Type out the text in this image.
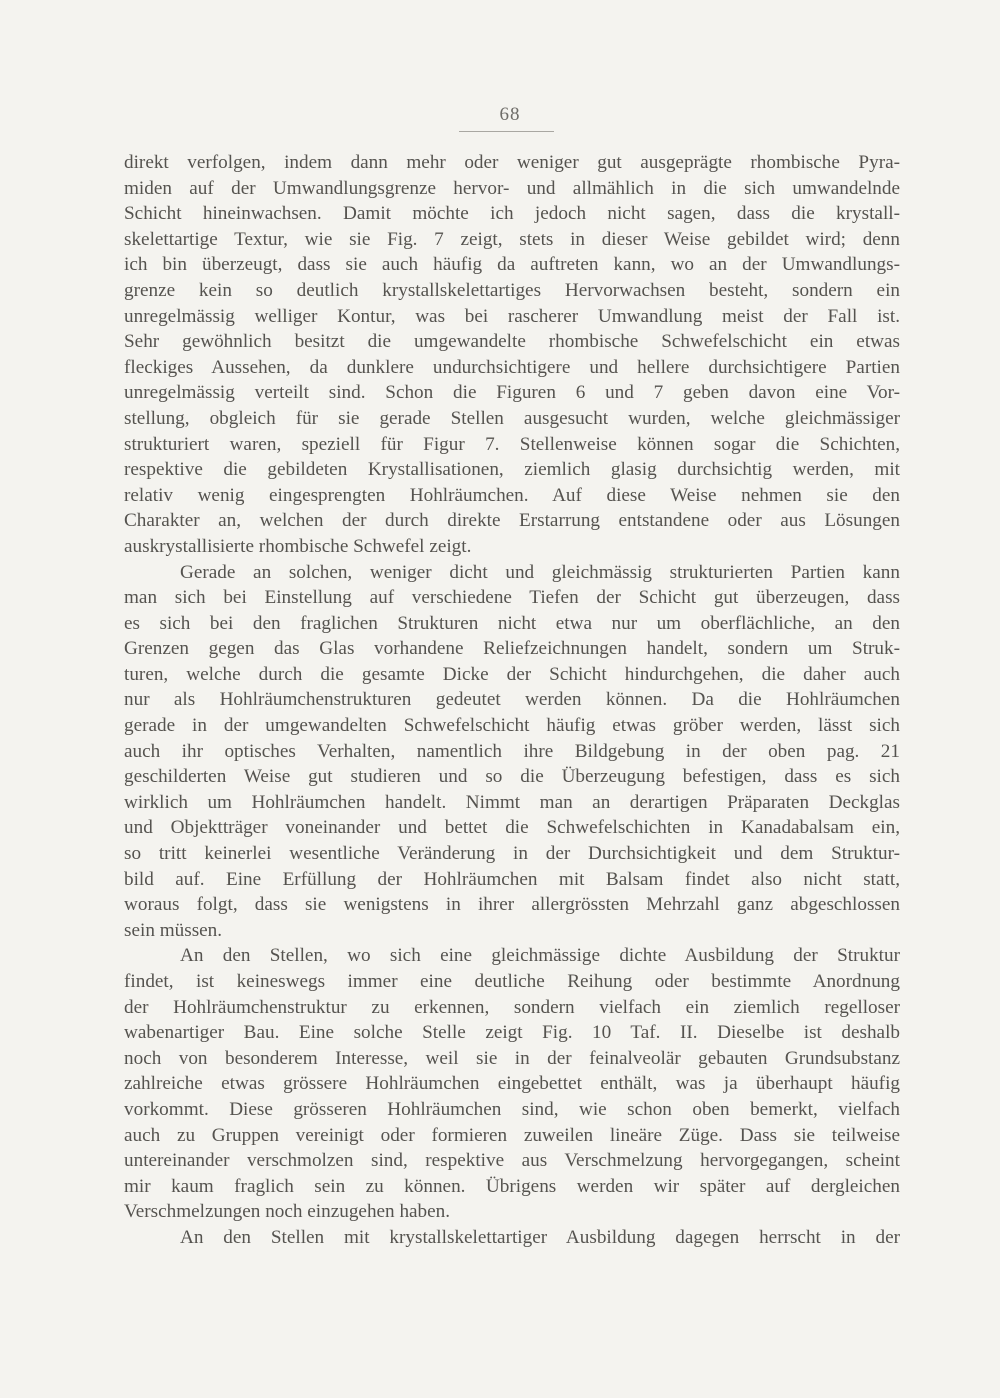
68
direkt verfolgen, indem dann mehr oder weniger gut ausgeprägte rhombische Pyra-
miden auf der Umwandlungsgrenze hervor- und allmählich in die sich umwandelnde
Schicht hineinwachsen. Damit möchte ich jedoch nicht sagen, dass die krystall-
skelettartige Textur, wie sie Fig. 7 zeigt, stets in dieser Weise gebildet wird; denn
ich bin überzeugt, dass sie auch häufig da auftreten kann, wo an der Umwandlungs-
grenze kein so deutlich krystallskelettartiges Hervorwachsen besteht, sondern ein
unregelmässig welliger Kontur, was bei rascherer Umwandlung meist der Fall ist.
Sehr gewöhnlich besitzt die umgewandelte rhombische Schwefelschicht ein etwas
fleckiges Aussehen, da dunklere undurchsichtigere und hellere durchsichtigere Partien
unregelmässig verteilt sind. Schon die Figuren 6 und 7 geben davon eine Vor-
stellung, obgleich für sie gerade Stellen ausgesucht wurden, welche gleichmässiger
strukturiert waren, speziell für Figur 7. Stellenweise können sogar die Schichten,
respektive die gebildeten Krystallisationen, ziemlich glasig durchsichtig werden, mit
relativ wenig eingesprengten Hohlräumchen. Auf diese Weise nehmen sie den
Charakter an, welchen der durch direkte Erstarrung entstandene oder aus Lösungen
auskrystallisierte rhombische Schwefel zeigt.
Gerade an solchen, weniger dicht und gleichmässig strukturierten Partien kann
man sich bei Einstellung auf verschiedene Tiefen der Schicht gut überzeugen, dass
es sich bei den fraglichen Strukturen nicht etwa nur um oberflächliche, an den
Grenzen gegen das Glas vorhandene Reliefzeichnungen handelt, sondern um Struk-
turen, welche durch die gesamte Dicke der Schicht hindurchgehen, die daher auch
nur als Hohlräumchenstrukturen gedeutet werden können. Da die Hohlräumchen
gerade in der umgewandelten Schwefelschicht häufig etwas gröber werden, lässt sich
auch ihr optisches Verhalten, namentlich ihre Bildgebung in der oben pag. 21
geschilderten Weise gut studieren und so die Überzeugung befestigen, dass es sich
wirklich um Hohlräumchen handelt. Nimmt man an derartigen Präparaten Deckglas
und Objektträger voneinander und bettet die Schwefelschichten in Kanadabalsam ein,
so tritt keinerlei wesentliche Veränderung in der Durchsichtigkeit und dem Struktur-
bild auf. Eine Erfüllung der Hohlräumchen mit Balsam findet also nicht statt,
woraus folgt, dass sie wenigstens in ihrer allergrössten Mehrzahl ganz abgeschlossen
sein müssen.
An den Stellen, wo sich eine gleichmässige dichte Ausbildung der Struktur
findet, ist keineswegs immer eine deutliche Reihung oder bestimmte Anordnung
der Hohlräumchenstruktur zu erkennen, sondern vielfach ein ziemlich regelloser
wabenartiger Bau. Eine solche Stelle zeigt Fig. 10 Taf. II. Dieselbe ist deshalb
noch von besonderem Interesse, weil sie in der feinalveolär gebauten Grundsubstanz
zahlreiche etwas grössere Hohlräumchen eingebettet enthält, was ja überhaupt häufig
vorkommt. Diese grösseren Hohlräumchen sind, wie schon oben bemerkt, vielfach
auch zu Gruppen vereinigt oder formieren zuweilen lineäre Züge. Dass sie teilweise
untereinander verschmolzen sind, respektive aus Verschmelzung hervorgegangen, scheint
mir kaum fraglich sein zu können. Übrigens werden wir später auf dergleichen
Verschmelzungen noch einzugehen haben.
An den Stellen mit krystallskelettartiger Ausbildung dagegen herrscht in der
